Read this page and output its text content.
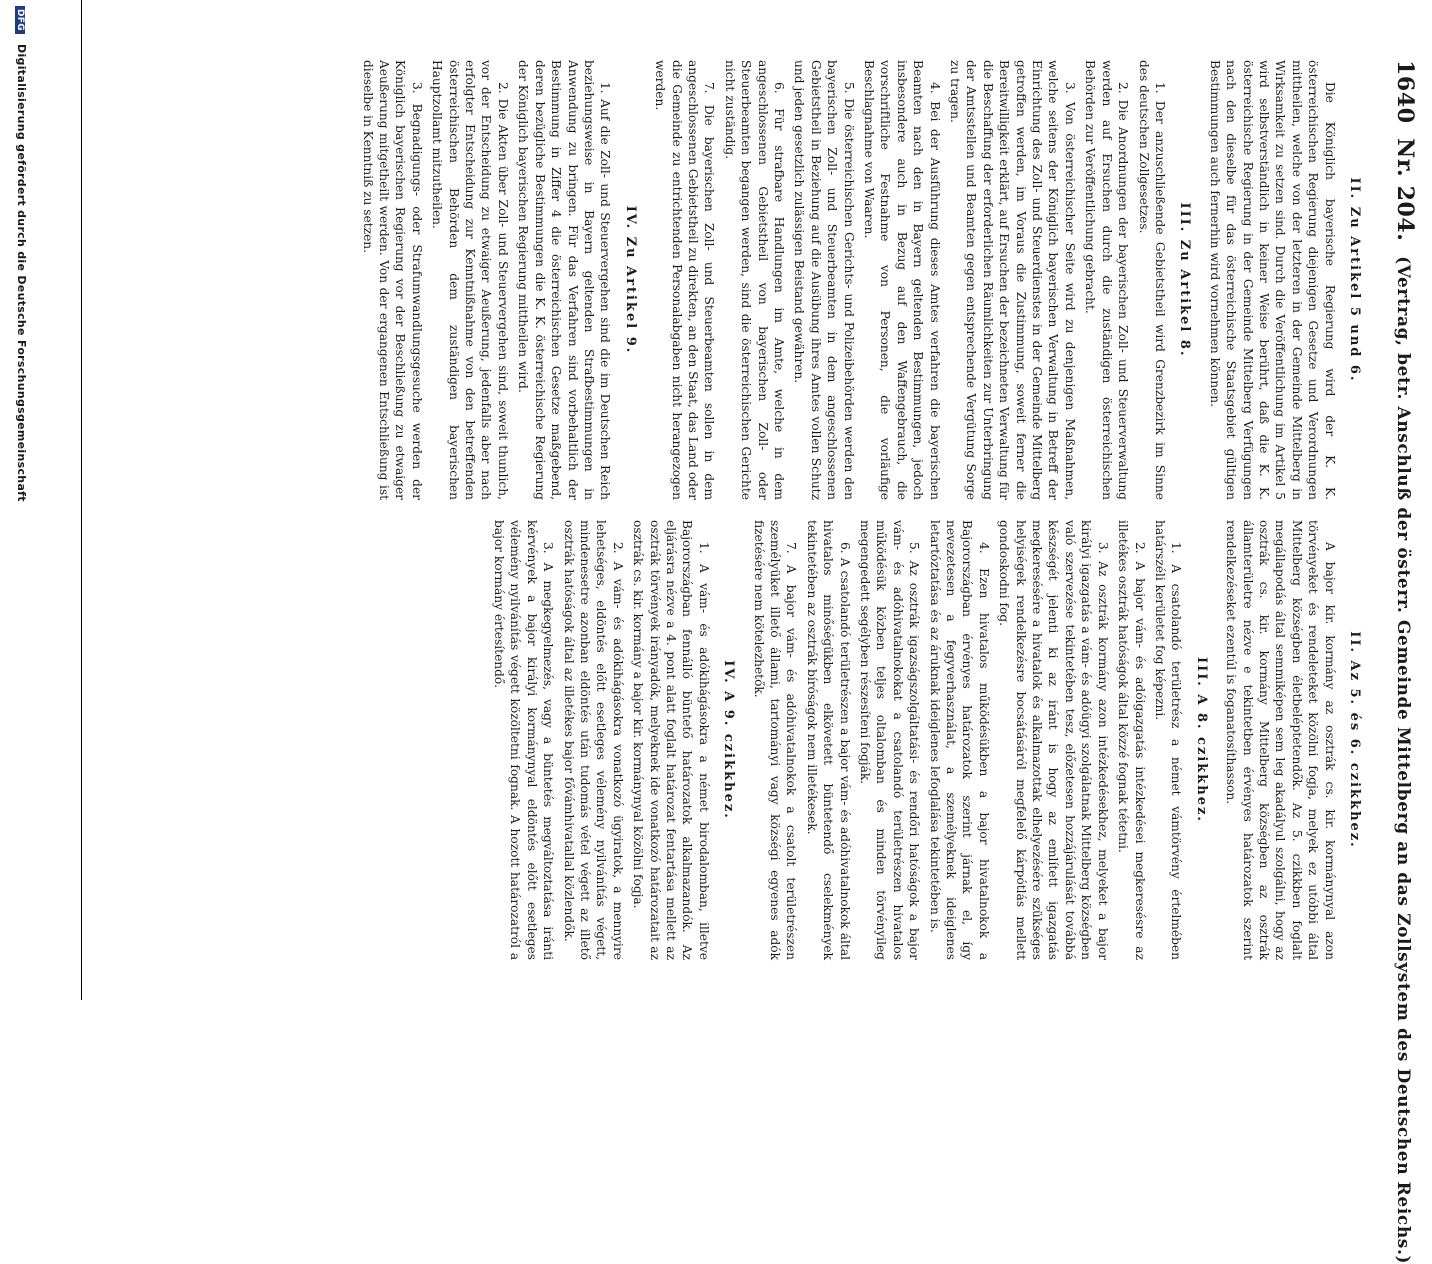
1640 Nr. 204. (Vertrag, betr. Anschluß der österr. Gemeinde Mittelberg an das Zollsystem des Deutschen Reichs.)
II. Zu Artikel 5 und 6.

Die Königlich bayerische Regierung wird der K. K. österreichischen Regierung diejenigen Gesetze und Verordnungen mittheilen, welche von der letzteren in der Gemeinde Mittelberg in Wirksamkeit zu setzen sind. Durch die Veröffentlichung im Artikel 5 wird selbstverständlich in keiner Weise berührt, daß die K. K. österreichische Regierung in der Gemeinde Mittelberg Verfügungen nach den dieselbe für das österreichische Staatsgebiet gültigen Bestimmungen auch fernerhin wird vornehmen können.

III. Zu Artikel 8.

1. Der anzuschließende Gebietstheil wird Grenzbezirk im Sinne des deutschen Zollgesetzes.

2. Die Anordnungen der bayerischen Zoll- und Steuerverwaltung werden auf Ersuchen durch die zuständigen österreichischen Behörden zur Veröffentlichung gebracht.

3. Von österreichischer Seite wird zu denjenigen Maßnahmen, welche seitens der Königlich bayerischen Verwaltung in Betreff der Einrichtung des Zoll- und Steuerdienstes in der Gemeinde Mittelberg getroffen werden, im Voraus die Zustimmung, soweit ferner die Bereitwilligkeit erklärt, auf Ersuchen der bezeichneten Verwaltung für die Beschaffung der erforderlichen Räumlichkeiten zur Unterbringung der Amtsstellen und Beamten gegen entsprechende Vergütung Sorge zu tragen.

4. Bei der Ausführung dieses Amtes verfahren die bayerischen Beamten nach den in Bayern geltenden Bestimmungen, jedoch insbesondere auch in Bezug auf den Waffengebrauch, die vorschriftliche Festnahme von Personen, die vorläufige Beschlagnahme von Waaren.

5. Die österreichischen Gerichts- und Polizeibehörden werden den bayerischen Zoll- und Steuerbeamten in dem angeschlossenen Gebietstheil in Beziehung auf die Ausübung ihres Amtes vollen Schutz und jeden gesetzlich zulässigen Beistand gewähren.

6. Für strafbare Handlungen im Amte, welche in dem angeschlossenen Gebietstheil von bayerischen Zoll- oder Steuerbeamten begangen werden, sind die österreichischen Gerichte nicht zuständig.

7. Die bayerischen Zoll- und Steuerbeamten sollen in dem angeschlossenen Gebietstheil zu direkten, an den Staat, das Land oder die Gemeinde zu entrichtenden Personalabgaben nicht herangezogen werden.

IV. Zu Artikel 9.

1. Auf die Zoll- und Steuervergehen sind die im Deutschen Reich beziehungsweise in Bayern geltenden Strafbestimmungen in Anwendung zu bringen. Für das Verfahren sind vorbehaltlich der Bestimmung in Ziffer 4 die österreichischen Gesetze maßgebend, deren bezügliche Bestimmungen die K. K. österreichische Regierung der Königlich bayerischen Regierung mittheilen wird.

2. Die Akten über Zoll- und Steuervergehen sind, soweit thunlich, vor der Entscheidung zu etwaiger Aeußerung, jedenfalls aber nach erfolgter Entscheidung zur Kenntnißnahme von den betreffenden österreichischen Behörden dem zuständigen bayerischen Hauptzollamt mitzutheilen.

3. Begnadigungs- oder Strafumwandlungsgesuche werden der Königlich bayerischen Regierung vor der Beschließung zu etwaiger Aeußerung mitgetheilt werden. Von der ergangenen Entschließung ist dieselbe in Kenntniß zu setzen.

II. Az 5. és 6. czikkhez.

A bajor kir. kormány az osztrák cs. kir. kormánynyal azon törvényeket és rendeleteket közölni fogja, melyek ez utóbbi által Mittelberg községben életbeléptetendők. Az 5. czikkben foglalt megállapodás által semmiképen sem leg akadályul szolgálni, hogy az osztrák cs. kir. kormány Mittelberg községben az osztrák államterületre nézve e tekintetben érvényes határozatok szerint rendelkezéseket ezentúl is foganatosíthasson.

III. A 8. czikkhez.

1. A csatolandó területrész a német vámtörvény értelmében határszéli kerületet fog képezni.

2. A bajor vám- és adóigazgatás intézkedései megkeresésre az illetékes osztrák hatóságok által közzé fognak tétetni.

3. Az osztrák kormány azon intézkedésekhez, melyeket a bajor királyi igazgatás a vám- és adóügyi szolgálatnak Mittelberg községben való szervezése tekintetében tesz, előzetesen hozzájárulását továbbá készségét jelenti ki az iránt is hogy az említett igazgatás megkeresésére a hivatalok és alkalmazottak elhelyezésére szükséges helyiségek rendelkezésre bocsátásáról megfelelő kárpótlás mellett gondoskodni fog.

4. Ezen hivatalos működésükben a bajor hivatalnokok a Bajorországban érvényes határozatok szerint járnak el, így nevezetesen a fegyverhasználat, a személyeknek ideiglenes letartóztatása és az áruknak ideiglenes lefoglalása tekintetében is.

5. Az osztrák igazságszolgáltatási- és rendőri hatóságok a bajor vám- és adóhivatalnokokat a csatolandó területrészen hivatalos működésük közben teljes oltalomban és minden törvényileg megengedett segélyben részesíteni fogják.

6. A csatolandó területrészen a bajor vám- és adóhivatalnokok által hivatalos minőségükben elkövetett büntetendő cselekmények tekintetében az osztrák bíróságok nem illetékesek.

7. A bajor vám- és adóhivatalnokok a csatolt területrészen személyüket illető állami, tartományi vagy községi egyenes adók fizetésére nem kötelezhetők.

IV. A 9. czikkhez.

1. A vám- és adókihágásokra a német birodalomban, illetve Bajorországban fennálló büntető határozatok alkalmazandók. Az eljárásra nézve a 4. pont alatt foglalt határozat fentartása mellett az osztrák törvények irányadók, melyeknek ide vonatkozó határozatait az osztrák cs. kir. kormány a bajor kir. kormánynyal közölni fogja.

2. A vám- és adókihágásokra vonatkozó ügyiratok, a mennyire lehetséges, eldöntés előtt esetleges vélemény nyilvánítás végett, mindenesetre azonban eldöntés után tudomás vétel végett az illető osztrák hatóságok által az illetékes bajor fővámhivatallal közlendők.

3. A megkegyelmezés, vagy a büntetés megváltoztatása iránti kérvények a bajor királyi kormánynyal eldöntés előtt esetleges vélemény nyilvánítás végett közöltetni fognak. A hozott határozatról a bajor kormány értesítendő.

DFG Digitalisierung gefördert durch die Deutsche Forschungsgemeinschaft
